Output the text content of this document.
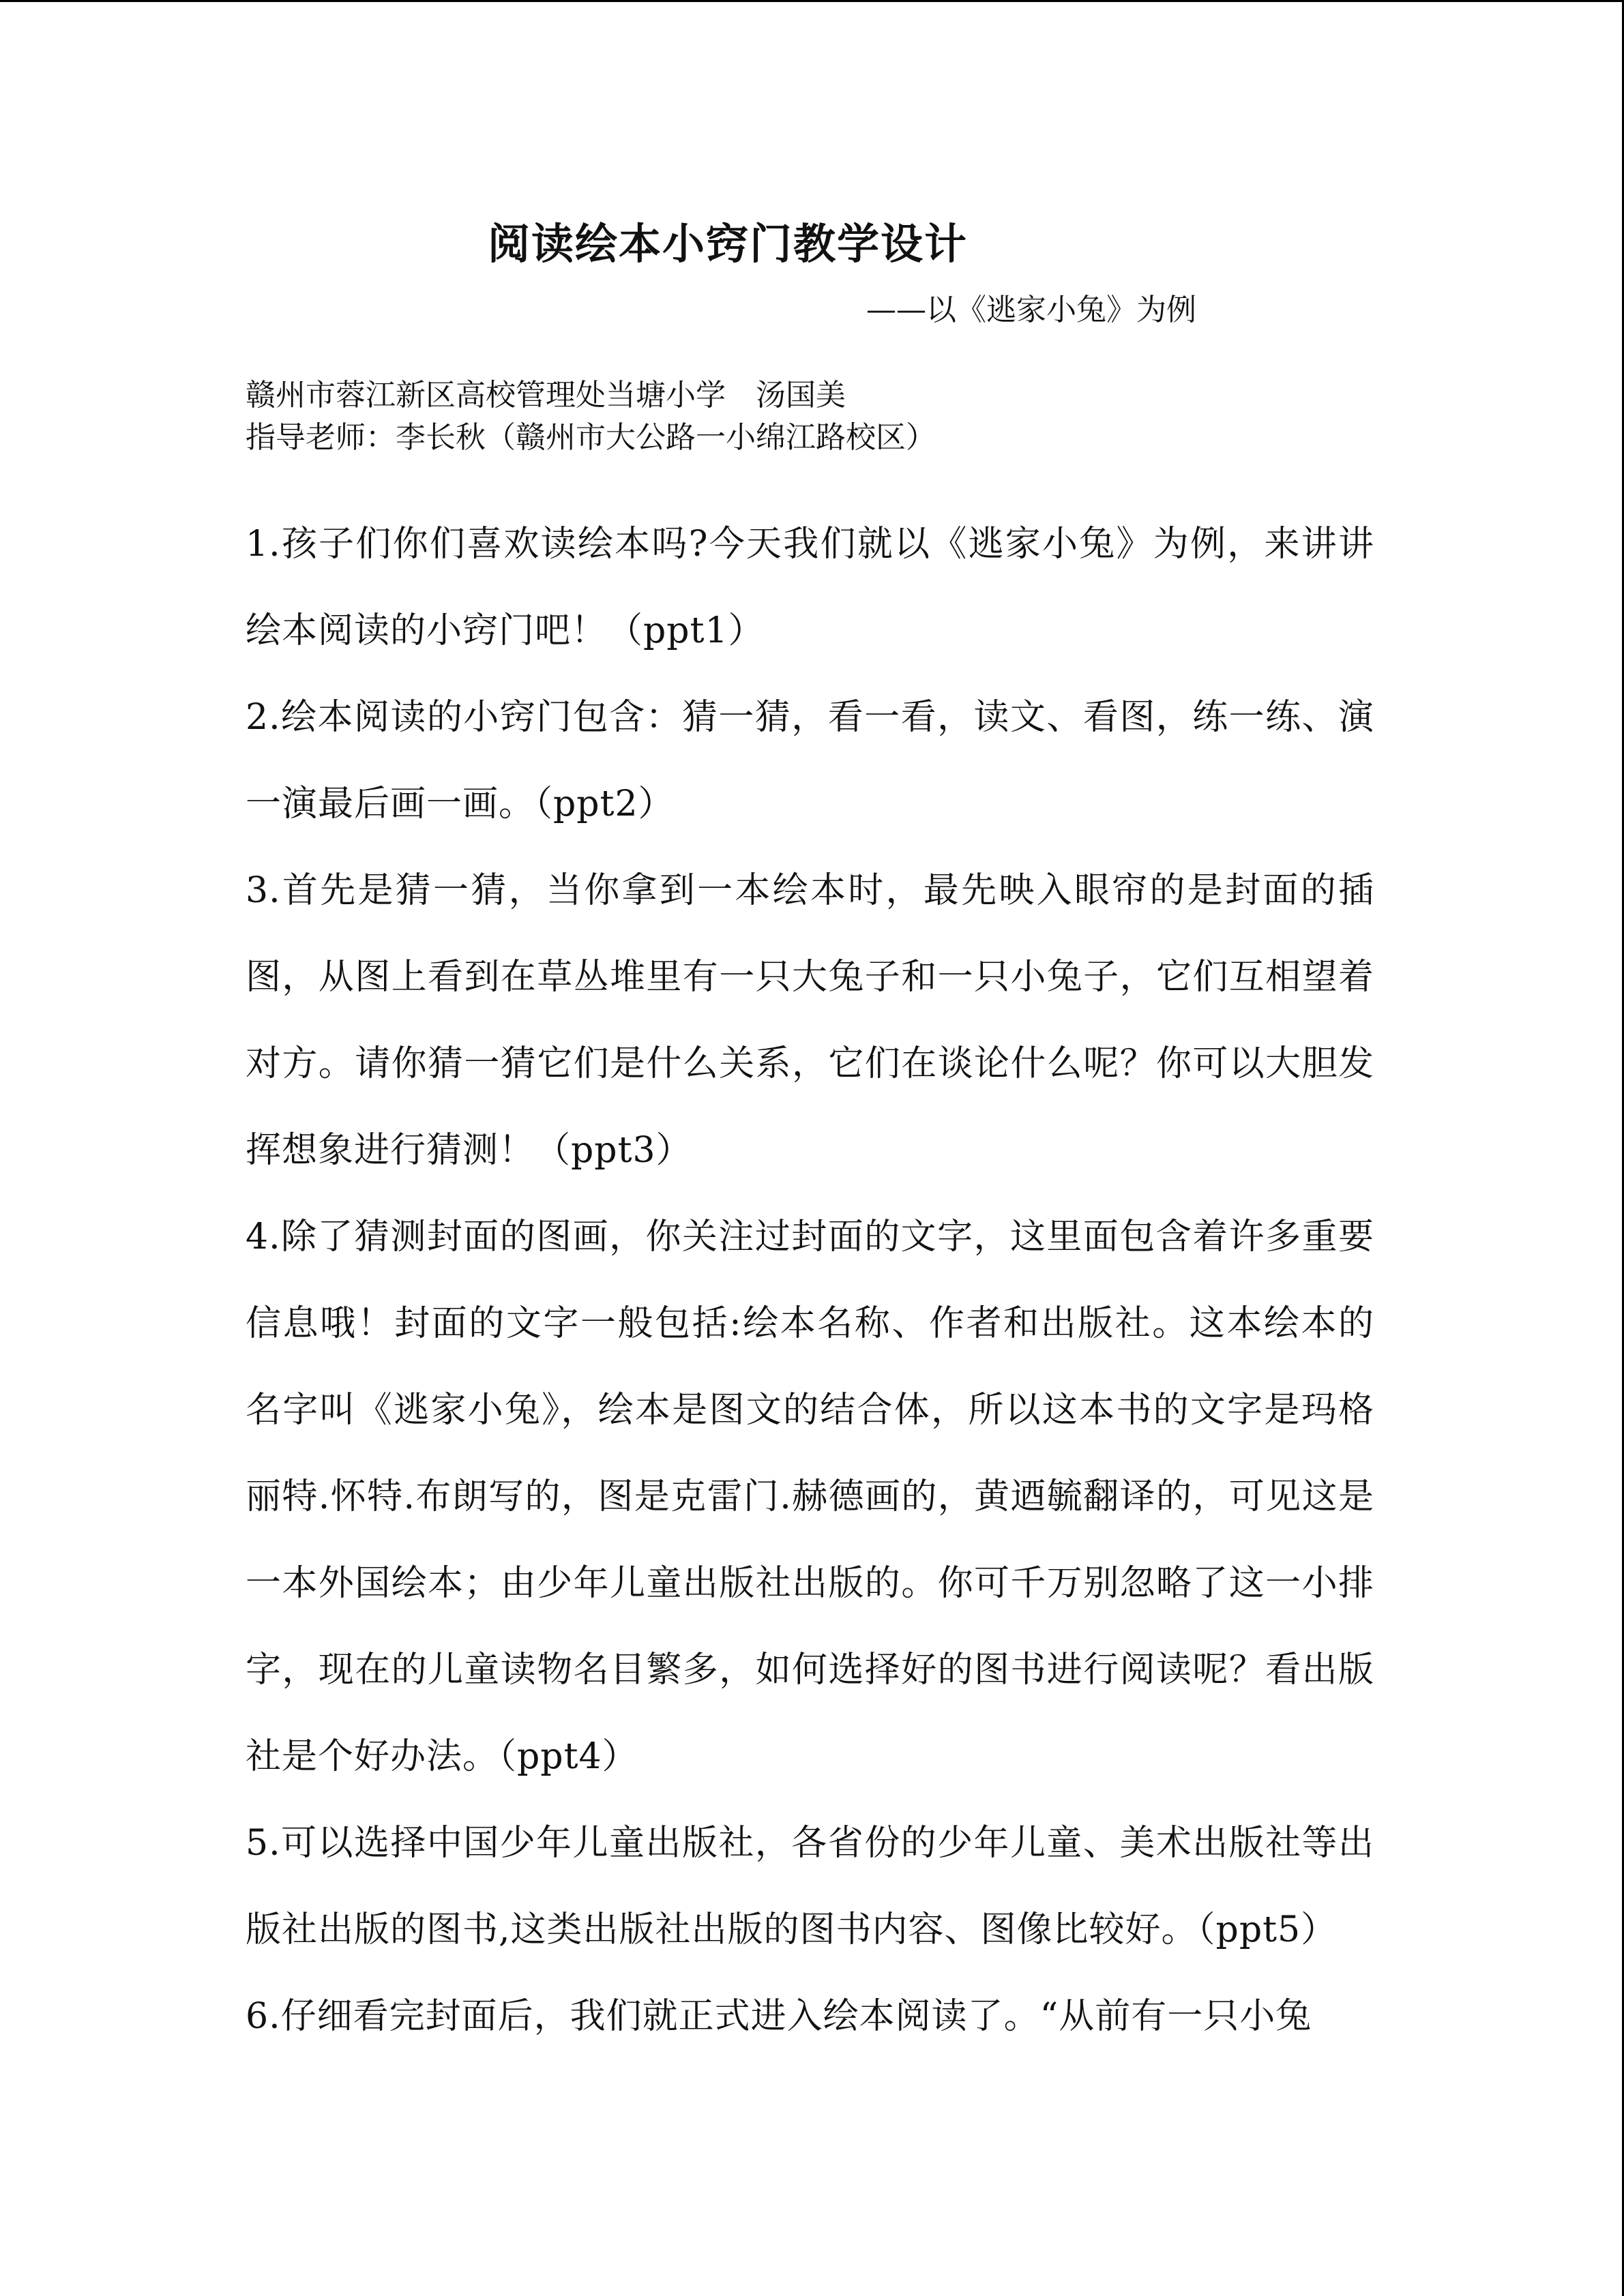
阅读绘本小窍门教学设计
——以《逃家小兔》为例
赣州市蓉江新区高校管理处当塘小学　汤国美
指导老师：李长秋（赣州市大公路一小绵江路校区）

1.孩子们你们喜欢读绘本吗?今天我们就以《逃家小兔》为例，来讲讲绘本阅读的小窍门吧！（ppt1）

2.绘本阅读的小窍门包含：猜一猜，看一看，读文、看图，练一练、演一演最后画一画。（ppt2）

3.首先是猜一猜，当你拿到一本绘本时，最先映入眼帘的是封面的插图，从图上看到在草丛堆里有一只大兔子和一只小兔子，它们互相望着对方。请你猜一猜它们是什么关系，它们在谈论什么呢？你可以大胆发挥想象进行猜测！（ppt3）

4.除了猜测封面的图画，你关注过封面的文字，这里面包含着许多重要信息哦！封面的文字一般包括:绘本名称、作者和出版社。这本绘本的名字叫《逃家小兔》，绘本是图文的结合体，所以这本书的文字是玛格丽特.怀特.布朗写的，图是克雷门.赫德画的，黄迺毓翻译的，可见这是一本外国绘本；由少年儿童出版社出版的。你可千万别忽略了这一小排字，现在的儿童读物名目繁多，如何选择好的图书进行阅读呢？看出版社是个好办法。（ppt4）

5.可以选择中国少年儿童出版社，各省份的少年儿童、美术出版社等出版社出版的图书,这类出版社出版的图书内容、图像比较好。（ppt5）

6.仔细看完封面后，我们就正式进入绘本阅读了。“从前有一只小兔
